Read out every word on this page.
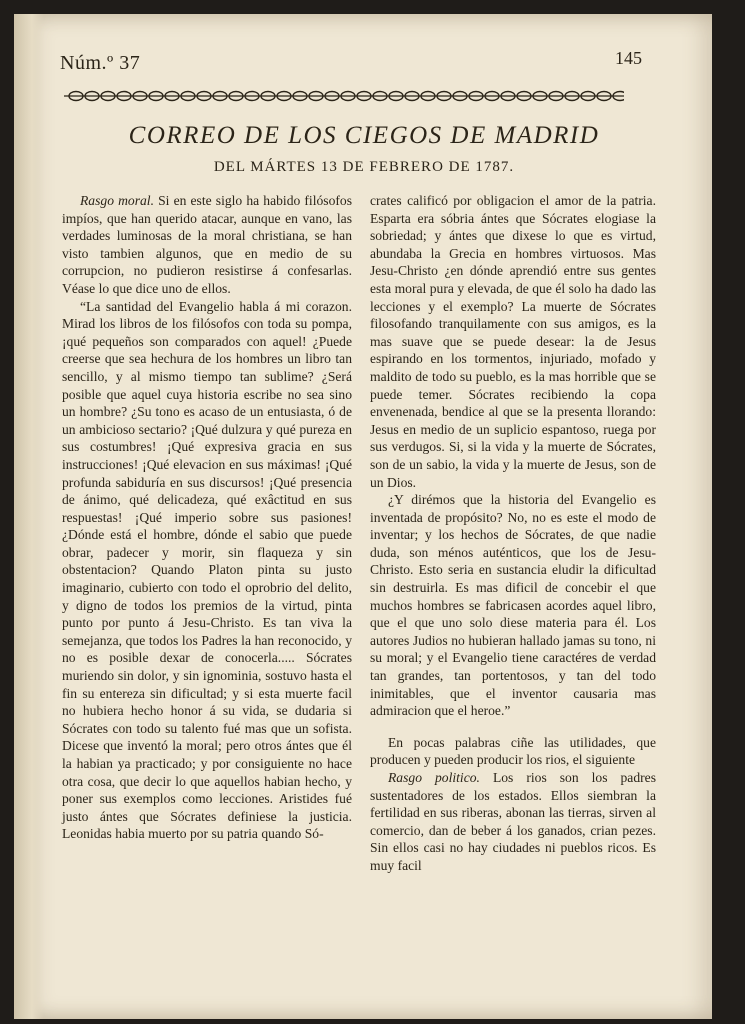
Núm.º 37	145
CORREO DE LOS CIEGOS DE MADRID
DEL MÁRTES 13 DE FEBRERO DE 1787.

Rasgo moral. Si en este siglo ha habido filósofos impíos, que han querido atacar, aunque en vano, las verdades luminosas de la moral christiana, se han visto tambien algunos, que en medio de su corrupcion, no pudieron resistirse á confesarlas. Véase lo que dice uno de ellos.

“La santidad del Evangelio habla á mi corazon. Mirad los libros de los filósofos con toda su pompa, ¡qué pequeños son comparados con aquel! ¿Puede creerse que sea hechura de los hombres un libro tan sencillo, y al mismo tiempo tan sublime? ¿Será posible que aquel cuya historia escribe no sea sino un hombre? ¿Su tono es acaso de un entusiasta, ó de un ambicioso sectario? ¡Qué dulzura y qué pureza en sus costumbres! ¡Qué expresiva gracia en sus instrucciones! ¡Qué elevacion en sus máximas! ¡Qué profunda sabiduría en sus discursos! ¡Qué presencia de ánimo, qué delicadeza, qué exâctitud en sus respuestas! ¡Qué imperio sobre sus pasiones! ¿Dónde está el hombre, dónde el sabio que puede obrar, padecer y morir, sin flaqueza y sin obstentacion? Quando Platon pinta su justo imaginario, cubierto con todo el oprobrio del delito, y digno de todos los premios de la virtud, pinta punto por punto á Jesu-Christo. Es tan viva la semejanza, que todos los Padres la han reconocido, y no es posible dexar de conocerla..... Sócrates muriendo sin dolor, y sin ignominia, sostuvo hasta el fin su entereza sin dificultad; y si esta muerte facil no hubiera hecho honor á su vida, se dudaria si Sócrates con todo su talento fué mas que un sofista. Dicese que inventó la moral; pero otros ántes que él la habian ya practicado; y por consiguiente no hace otra cosa, que decir lo que aquellos habian hecho, y poner sus exemplos como lecciones. Aristides fué justo ántes que Sócrates definiese la justicia. Leonidas habia muerto por su patria quando Só-

crates calificó por obligacion el amor de la patria. Esparta era sóbria ántes que Sócrates elogiase la sobriedad; y ántes que dixese lo que es virtud, abundaba la Grecia en hombres virtuosos. Mas Jesu-Christo ¿en dónde aprendió entre sus gentes esta moral pura y elevada, de que él solo ha dado las lecciones y el exemplo? La muerte de Sócrates filosofando tranquilamente con sus amigos, es la mas suave que se puede desear: la de Jesus espirando en los tormentos, injuriado, mofado y maldito de todo su pueblo, es la mas horrible que se puede temer. Sócrates recibiendo la copa envenenada, bendice al que se la presenta llorando: Jesus en medio de un suplicio espantoso, ruega por sus verdugos. Si, si la vida y la muerte de Sócrates, son de un sabio, la vida y la muerte de Jesus, son de un Dios.

¿Y dirémos que la historia del Evangelio es inventada de propósito? No, no es este el modo de inventar; y los hechos de Sócrates, de que nadie duda, son ménos auténticos, que los de Jesu-Christo. Esto seria en sustancia eludir la dificultad sin destruirla. Es mas dificil de concebir el que muchos hombres se fabricasen acordes aquel libro, que el que uno solo diese materia para él. Los autores Judios no hubieran hallado jamas su tono, ni su moral; y el Evangelio tiene caractéres de verdad tan grandes, tan portentosos, y tan del todo inimitables, que el inventor causaria mas admiracion que el heroe.”

En pocas palabras ciñe las utilidades, que producen y pueden producir los rios, el siguiente

Rasgo politico. Los rios son los padres sustentadores de los estados. Ellos siembran la fertilidad en sus riberas, abonan las tierras, sirven al comercio, dan de beber á los ganados, crian pezes. Sin ellos casi no hay ciudades ni pueblos ricos. Es muy facil
